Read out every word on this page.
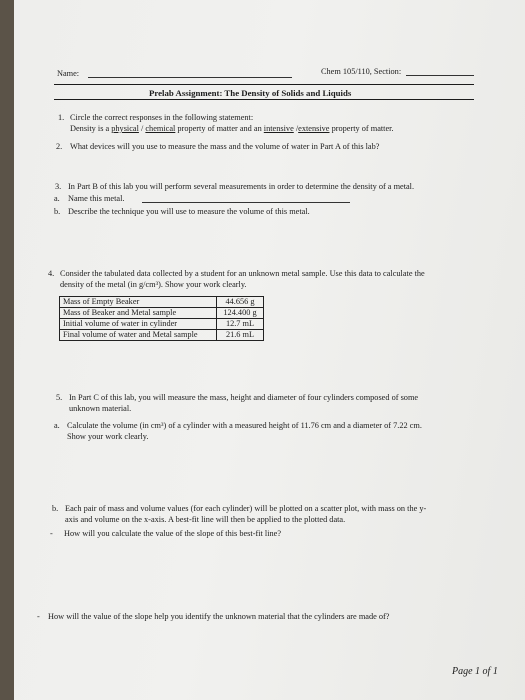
Name:	Chem 105/110, Section:
Prelab Assignment: The Density of Solids and Liquids
1. Circle the correct responses in the following statement:
Density is a physical / chemical property of matter and an intensive /extensive property of matter.
2. What devices will you use to measure the mass and the volume of water in Part A of this lab?
3. In Part B of this lab you will perform several measurements in order to determine the density of a metal.
a. Name this metal.
b. Describe the technique you will use to measure the volume of this metal.
4. Consider the tabulated data collected by a student for an unknown metal sample. Use this data to calculate the
density of the metal (in g/cm³). Show your work clearly.
Mass of Empty Beaker	44.656 g
Mass of Beaker and Metal sample	124.400 g
Initial volume of water in cylinder	12.7 mL
Final volume of water and Metal sample	21.6 mL
5. In Part C of this lab, you will measure the mass, height and diameter of four cylinders composed of some
unknown material.
a. Calculate the volume (in cm³) of a cylinder with a measured height of 11.76 cm and a diameter of 7.22 cm.
Show your work clearly.
b. Each pair of mass and volume values (for each cylinder) will be plotted on a scatter plot, with mass on the y-
axis and volume on the x-axis. A best-fit line will then be applied to the plotted data.
- How will you calculate the value of the slope of this best-fit line?
- How will the value of the slope help you identify the unknown material that the cylinders are made of?
Page 1 of 1
